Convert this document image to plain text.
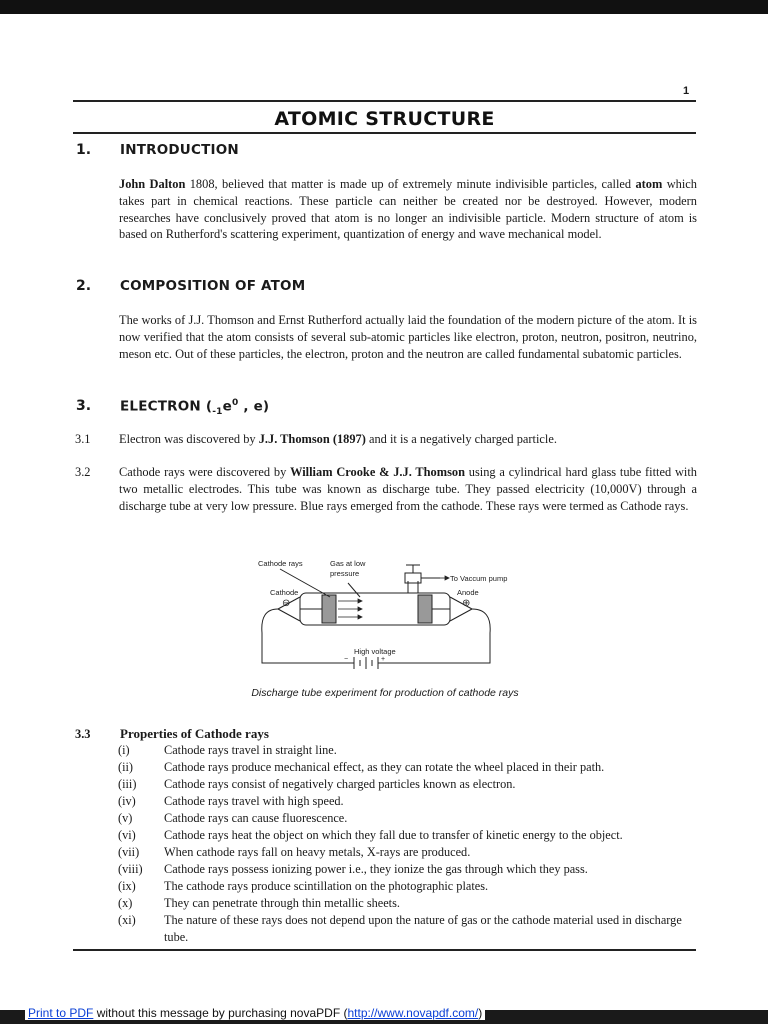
1
ATOMIC STRUCTURE
1. INTRODUCTION

John Dalton 1808, believed that matter is made up of extremely minute indivisible particles, called atom which takes part in chemical reactions. These particle can neither be created nor be destroyed. However, modern researches have conclusively proved that atom is no longer an indivisible particle. Modern structure of atom is based on Rutherford's scattering experiment, quantization of energy and wave mechanical model.

2. COMPOSITION OF ATOM

The works of J.J. Thomson and Ernst Rutherford actually laid the foundation of the modern picture of the atom. It is now verified that the atom consists of several sub-atomic particles like electron, proton, neutron, positron, neutrino, meson etc. Out of these particles, the electron, proton and the neutron are called fundamental subatomic particles.

3. ELECTRON ($_{-1}e^0$ , e)
3.1 Electron was discovered by J.J. Thomson (1897) and it is a negatively charged particle.

3.2 Cathode rays were discovered by William Crooke & J.J. Thomson using a cylindrical hard glass tube fitted with two metallic electrodes. This tube was known as discharge tube. They passed electricity (10,000V) through a discharge tube at very low pressure. Blue rays emerged from the cathode. These rays were termed as Cathode rays.

Cathode rays	Gas at low
pressure
To Vaccum pump
Cathode	Anode
⊖	⊕
High voltage
−	+
Discharge tube experiment for production of cathode rays
3.3 Properties of Cathode rays
(i)	Cathode rays travel in straight line.
(ii)	Cathode rays produce mechanical effect, as they can rotate the wheel placed in their path.
(iii) Cathode rays consist of negatively charged particles known as electron.
(iv) Cathode rays travel with high speed.
(v)	Cathode rays can cause fluorescence.
(vi) Cathode rays heat the object on which they fall due to transfer of kinetic energy to the object.
(vii) When cathode rays fall on heavy metals, X-rays are produced.
(viii) Cathode rays possess ionizing power i.e., they ionize the gas through which they pass.
(ix) The cathode rays produce scintillation on the photographic plates.
(x)	They can penetrate through thin metallic sheets.
(xi) The nature of these rays does not depend upon the nature of gas or the cathode material used in discharge tube.
Print to PDF without this message by purchasing novaPDF (http://www.novapdf.com/)
